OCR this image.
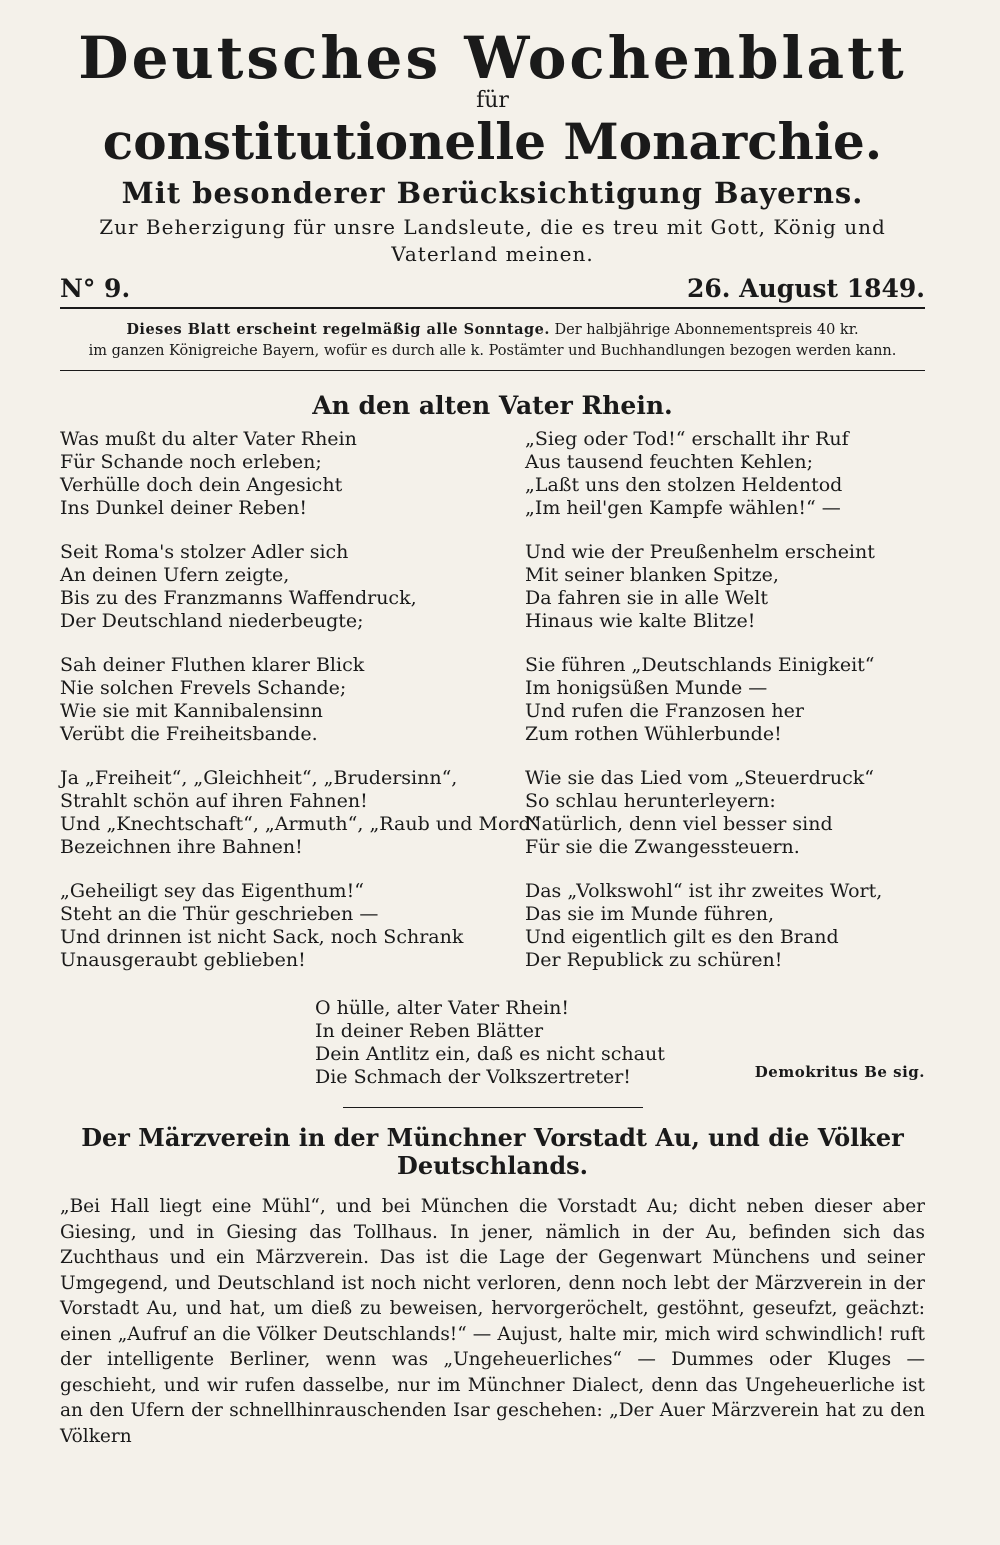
Deutsches Wochenblatt
für
constitutionelle Monarchie.
Mit besonderer Berücksichtigung Bayerns.
Zur Beherzigung für unsre Landsleute, die es treu mit Gott, König und Vaterland meinen.
N° 9.	26. August 1849.
Dieses Blatt erscheint regelmäßig alle Sonntage. Der halbjährige Abonnementspreis 40 kr.
im ganzen Königreiche Bayern, wofür es durch alle k. Postämter und Buchhandlungen bezogen werden kann.
An den alten Vater Rhein.
Was mußt du alter Vater Rhein
Für Schande noch erleben;
Verhülle doch dein Angesicht
Ins Dunkel deiner Reben!
Seit Roma's stolzer Adler sich
An deinen Ufern zeigte,
Bis zu des Franzmanns Waffendruck,
Der Deutschland niederbeugte;
Sah deiner Fluthen klarer Blick
Nie solchen Frevels Schande;
Wie sie mit Kannibalensinn
Verübt die Freiheitsbande.
Ja „Freiheit“, „Gleichheit“, „Brudersinn“,
Strahlt schön auf ihren Fahnen!
Und „Knechtschaft“, „Armuth“, „Raub und Mord“
Bezeichnen ihre Bahnen!
„Geheiligt sey das Eigenthum!“
Steht an die Thür geschrieben —
Und drinnen ist nicht Sack, noch Schrank
Unausgeraubt geblieben!
„Sieg oder Tod!“ erschallt ihr Ruf
Aus tausend feuchten Kehlen;
„Laßt uns den stolzen Heldentod
„Im heil'gen Kampfe wählen!“ —
Und wie der Preußenhelm erscheint
Mit seiner blanken Spitze,
Da fahren sie in alle Welt
Hinaus wie kalte Blitze!
Sie führen „Deutschlands Einigkeit“
Im honigsüßen Munde —
Und rufen die Franzosen her
Zum rothen Wühlerbunde!
Wie sie das Lied vom „Steuerdruck“
So schlau herunterleyern:
Natürlich, denn viel besser sind
Für sie die Zwangessteuern.
Das „Volkswohl“ ist ihr zweites Wort,
Das sie im Munde führen,
Und eigentlich gilt es den Brand
Der Republick zu schüren!
O hülle, alter Vater Rhein!
In deiner Reben Blätter
Dein Antlitz ein, daß es nicht schaut
Die Schmach der Volkszertreter!	Demokritus Be sig.
Der Märzverein in der Münchner Vorstadt Au, und die Völker Deutschlands.
„Bei Hall liegt eine Mühl“, und bei München die Vorstadt Au; dicht neben dieser aber Giesing, und in Giesing das Tollhaus. In jener, nämlich in der Au, befinden sich das Zuchthaus und ein Märzverein. Das ist die Lage der Gegenwart Münchens und seiner Umgegend, und Deutschland ist noch nicht verloren, denn noch lebt der Märzverein in der Vorstadt Au, und hat, um dieß zu beweisen, hervorgeröchelt, gestöhnt, geseufzt, geächzt: einen „Aufruf an die Völker Deutschlands!“ — Aujust, halte mir, mich wird schwindlich! ruft der intelligente Berliner, wenn was „Ungeheuerliches“ — Dummes oder Kluges — geschieht, und wir rufen dasselbe, nur im Münchner Dialect, denn das Ungeheuerliche ist an den Ufern der schnellhinrauschenden Isar geschehen: „Der Auer Märzverein hat zu den Völkern
